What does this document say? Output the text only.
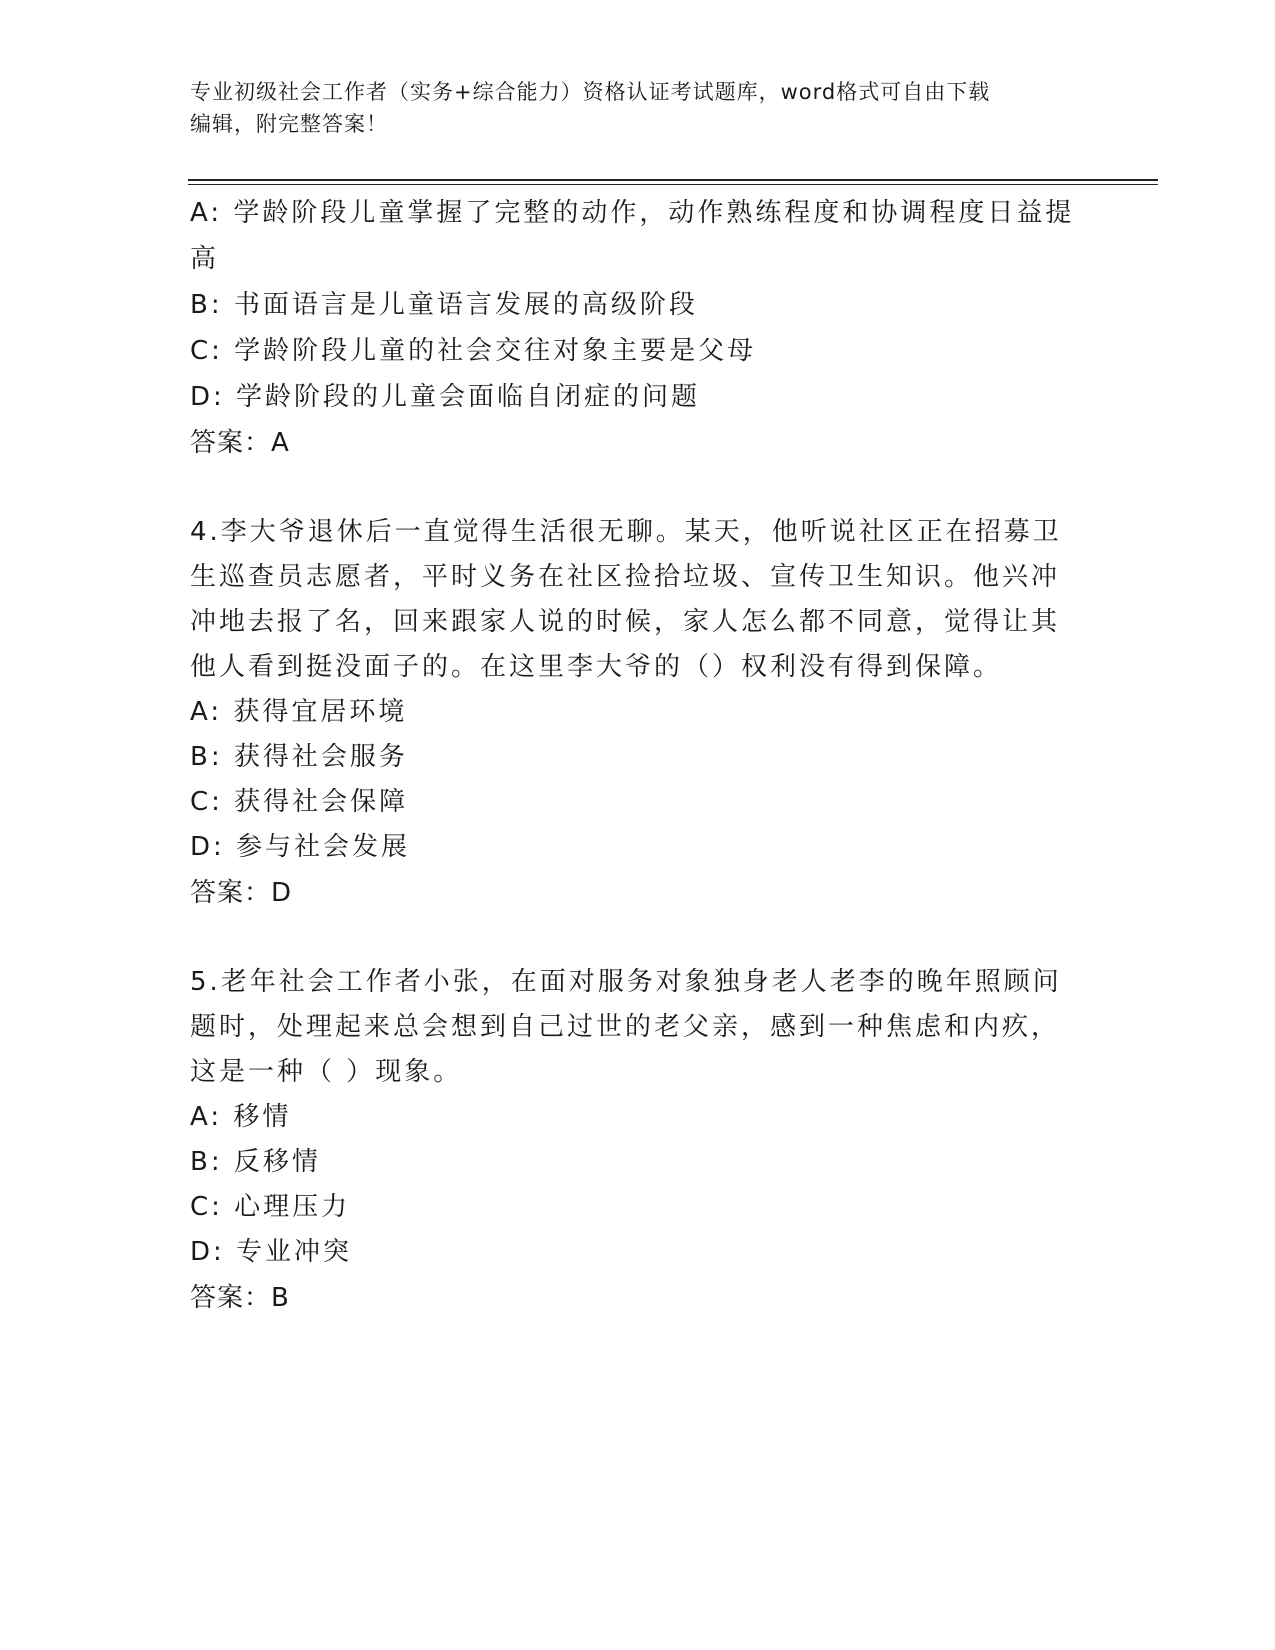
专业初级社会工作者（实务+综合能力）资格认证考试题库，word格式可自由下载
编辑，附完整答案！
A: 学龄阶段儿童掌握了完整的动作，动作熟练程度和协调程度日益提
高
B: 书面语言是儿童语言发展的高级阶段
C: 学龄阶段儿童的社会交往对象主要是父母
D: 学龄阶段的儿童会面临自闭症的问题
答案：A
4.李大爷退休后一直觉得生活很无聊。某天，他听说社区正在招募卫
生巡查员志愿者，平时义务在社区捡拾垃圾、宣传卫生知识。他兴冲
冲地去报了名，回来跟家人说的时候，家人怎么都不同意，觉得让其
他人看到挺没面子的。在这里李大爷的（）权利没有得到保障。
A: 获得宜居环境
B: 获得社会服务
C: 获得社会保障
D: 参与社会发展
答案：D
5.老年社会工作者小张，在面对服务对象独身老人老李的晚年照顾问
题时，处理起来总会想到自己过世的老父亲，感到一种焦虑和内疚，
这是一种（ ）现象。
A: 移情
B: 反移情
C: 心理压力
D: 专业冲突
答案：B
